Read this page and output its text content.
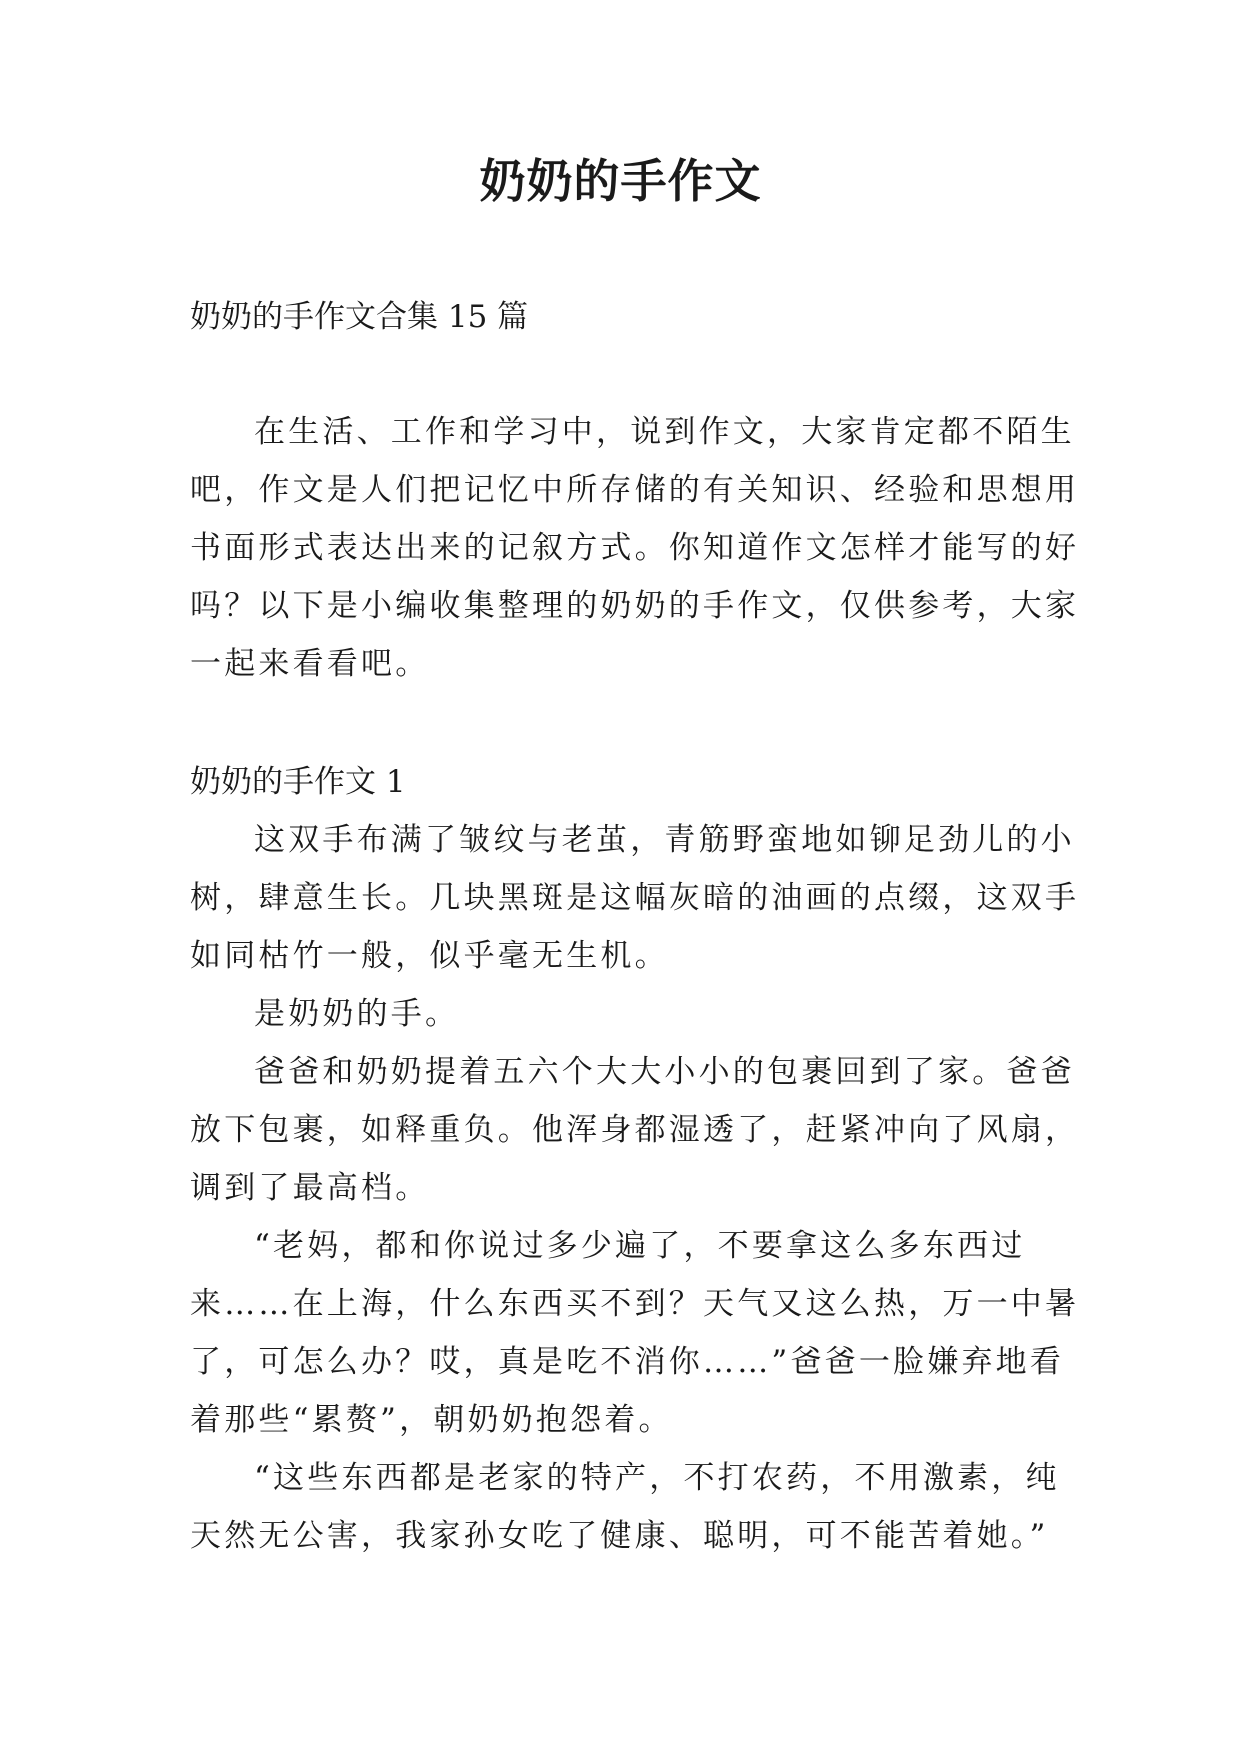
奶奶的手作文

奶奶的手作文合集 15 篇

在生活、工作和学习中，说到作文，大家肯定都不陌生
吧，作文是人们把记忆中所存储的有关知识、经验和思想用
书面形式表达出来的记叙方式。你知道作文怎样才能写的好
吗？以下是小编收集整理的奶奶的手作文，仅供参考，大家
一起来看看吧。

奶奶的手作文 1

这双手布满了皱纹与老茧，青筋野蛮地如铆足劲儿的小
树，肆意生长。几块黑斑是这幅灰暗的油画的点缀，这双手
如同枯竹一般，似乎毫无生机。
是奶奶的手。
爸爸和奶奶提着五六个大大小小的包裹回到了家。爸爸
放下包裹，如释重负。他浑身都湿透了，赶紧冲向了风扇，
调到了最高档。
“老妈，都和你说过多少遍了，不要拿这么多东西过
来……在上海，什么东西买不到？天气又这么热，万一中暑
了，可怎么办？哎，真是吃不消你……”爸爸一脸嫌弃地看
着那些“累赘”，朝奶奶抱怨着。
“这些东西都是老家的特产，不打农药，不用激素，纯
天然无公害，我家孙女吃了健康、聪明，可不能苦着她。”
